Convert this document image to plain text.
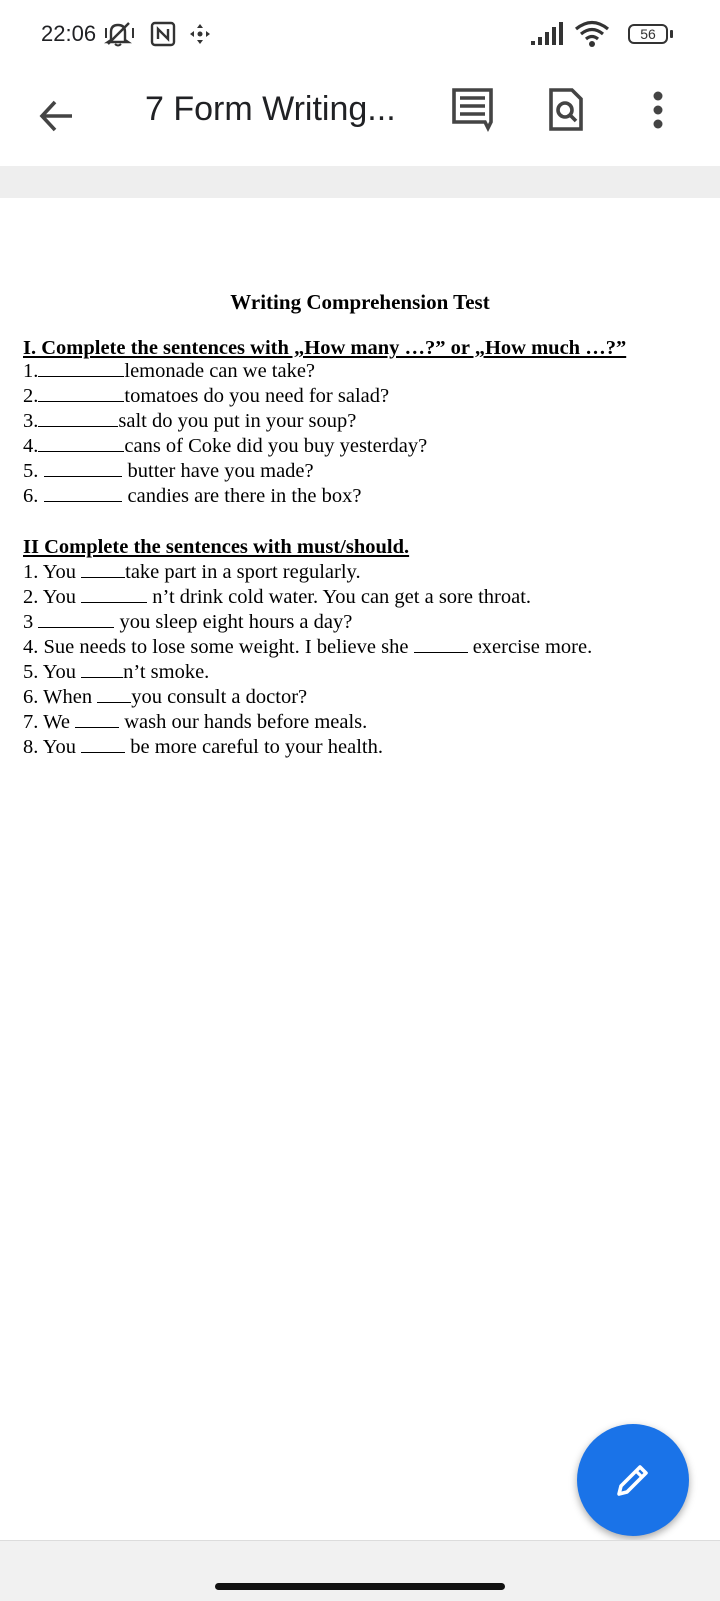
22:06	56
7 Form Writing...
Writing Comprehension Test
I. Complete the sentences with „How many …?” or „How much …?”
1.	lemonade can we take?
2.	tomatoes do you need for salad?
3.	salt do you put in your soup?
4.	cans of Coke did you buy yesterday?
5.	butter have you made?
6.	candies are there in the box?
II Complete the sentences with must/should.
1. You take part in a sport regularly.
2. You	n’t drink cold water. You can get a sore throat.
3	you sleep eight hours a day?
4. Sue needs to lose some weight. I believe she	exercise more.
5. You n’t smoke.
6. When you consult a doctor?
7. We  wash our hands before meals.
8. You  be more careful to your health.
